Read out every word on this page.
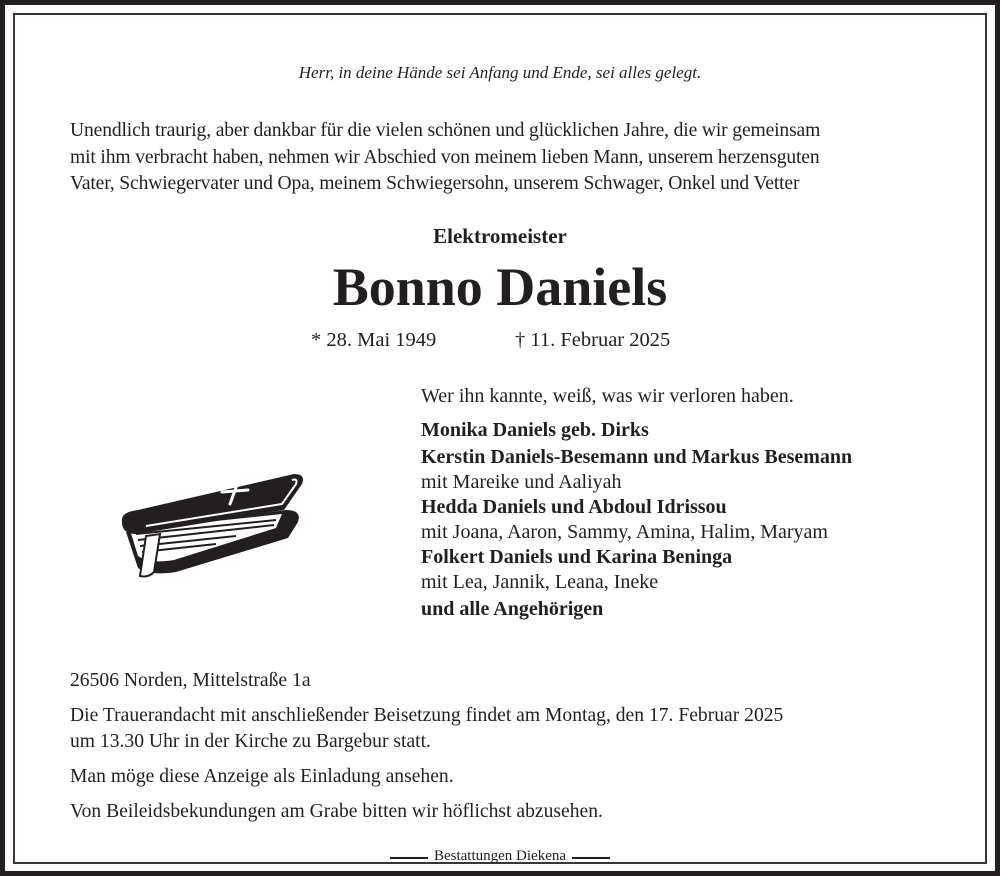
Herr, in deine Hände sei Anfang und Ende, sei alles gelegt.

Unendlich traurig, aber dankbar für die vielen schönen und glücklichen Jahre, die wir gemeinsam
mit ihm verbracht haben, nehmen wir Abschied von meinem lieben Mann, unserem herzensguten
Vater, Schwiegervater und Opa, meinem Schwiegersohn, unserem Schwager, Onkel und Vetter

Elektromeister

Bonno Daniels

* 28. Mai 1949	† 11. Februar 2025

Wer ihn kannte, weiß, was wir verloren haben.
Monika Daniels geb. Dirks
Kerstin Daniels-Besemann und Markus Besemann
mit Mareike und Aaliyah
Hedda Daniels und Abdoul Idrissou
mit Joana, Aaron, Sammy, Amina, Halim, Maryam
Folkert Daniels und Karina Beninga
mit Lea, Jannik, Leana, Ineke
und alle Angehörigen

26506 Norden, Mittelstraße 1a

Die Trauerandacht mit anschließender Beisetzung findet am Montag, den 17. Februar 2025

um 13.30 Uhr in der Kirche zu Bargebur statt.

Man möge diese Anzeige als Einladung ansehen.

Von Beileidsbekundungen am Grabe bitten wir höflichst abzusehen.

Bestattungen Diekena
